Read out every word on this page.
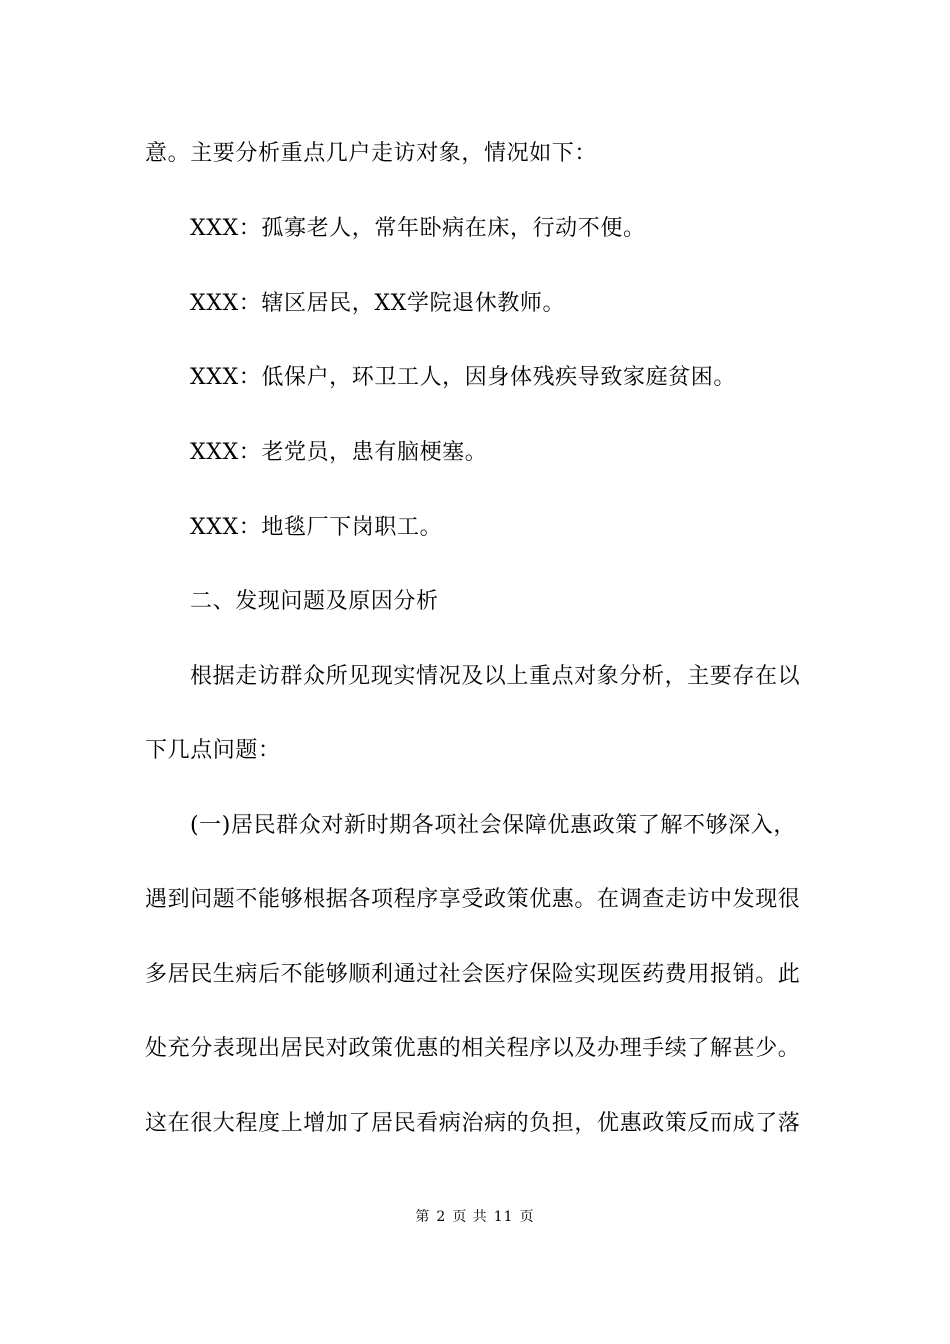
意。主要分析重点几户走访对象，情况如下：
XXX：孤寡老人，常年卧病在床，行动不便。
XXX：辖区居民，XX学院退休教师。
XXX：低保户，环卫工人，因身体残疾导致家庭贫困。
XXX：老党员，患有脑梗塞。
XXX：地毯厂下岗职工。
二、发现问题及原因分析
根据走访群众所见现实情况及以上重点对象分析，主要存在以
下几点问题：
(一)居民群众对新时期各项社会保障优惠政策了解不够深入，
遇到问题不能够根据各项程序享受政策优惠。在调查走访中发现很
多居民生病后不能够顺利通过社会医疗保险实现医药费用报销。此
处充分表现出居民对政策优惠的相关程序以及办理手续了解甚少。
这在很大程度上增加了居民看病治病的负担，优惠政策反而成了落
第 2 页 共 11 页
